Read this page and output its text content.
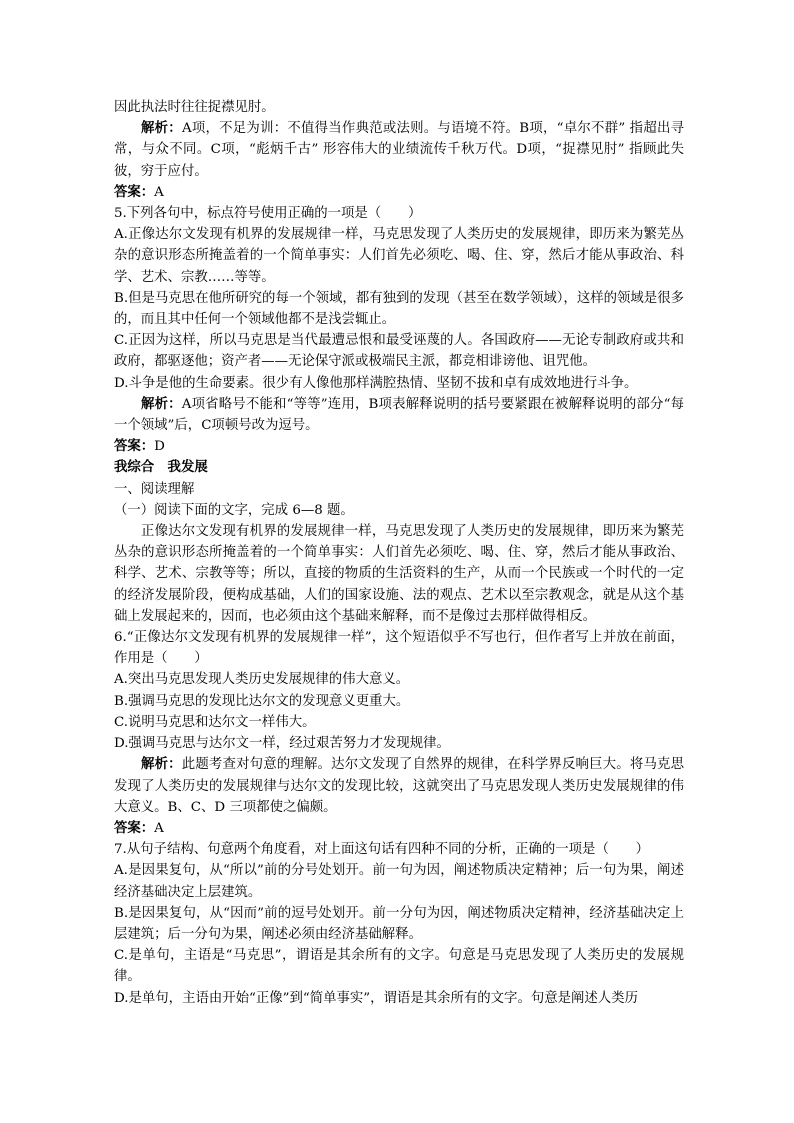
因此执法时往往捉襟见肘。

解析：A项，不足为训：不值得当作典范或法则。与语境不符。B项，“卓尔不群” 指超出寻常，与众不同。C项，“彪炳千古” 形容伟大的业绩流传千秋万代。D项，“捉襟见肘” 指顾此失彼，穷于应付。

答案：A

5.下列各句中，标点符号使用正确的一项是（　　）

A.正像达尔文发现有机界的发展规律一样，马克思发现了人类历史的发展规律，即历来为繁芜丛杂的意识形态所掩盖着的一个简单事实：人们首先必须吃、喝、住、穿，然后才能从事政治、科学、艺术、宗教……等等。

B.但是马克思在他所研究的每一个领域，都有独到的发现（甚至在数学领域），这样的领域是很多的，而且其中任何一个领域他都不是浅尝辄止。

C.正因为这样，所以马克思是当代最遭忌恨和最受诬蔑的人。各国政府——无论专制政府或共和政府，都驱逐他；资产者——无论保守派或极端民主派，都竞相诽谤他、诅咒他。

D.斗争是他的生命要素。很少有人像他那样满腔热情、坚韧不拔和卓有成效地进行斗争。

解析：A项省略号不能和“等等”连用，B项表解释说明的括号要紧跟在被解释说明的部分“每一个领域”后，C项顿号改为逗号。

答案：D

我综合　我发展

一、阅读理解

（一）阅读下面的文字，完成 6—8 题。

正像达尔文发现有机界的发展规律一样，马克思发现了人类历史的发展规律，即历来为繁芜丛杂的意识形态所掩盖着的一个简单事实：人们首先必须吃、喝、住、穿，然后才能从事政治、科学、艺术、宗教等等；所以，直接的物质的生活资料的生产，从而一个民族或一个时代的一定的经济发展阶段，便构成基础，人们的国家设施、法的观点、艺术以至宗教观念，就是从这个基础上发展起来的，因而，也必须由这个基础来解释，而不是像过去那样做得相反。

6.“正像达尔文发现有机界的发展规律一样”，这个短语似乎不写也行，但作者写上并放在前面，作用是（　　）

A.突出马克思发现人类历史发展规律的伟大意义。

B.强调马克思的发现比达尔文的发现意义更重大。

C.说明马克思和达尔文一样伟大。

D.强调马克思与达尔文一样，经过艰苦努力才发现规律。

解析：此题考查对句意的理解。达尔文发现了自然界的规律，在科学界反响巨大。将马克思发现了人类历史的发展规律与达尔文的发现比较，这就突出了马克思发现人类历史发展规律的伟大意义。B、C、D 三项都使之偏颇。

答案：A

7.从句子结构、句意两个角度看，对上面这句话有四种不同的分析，正确的一项是（　　）

A.是因果复句，从“所以”前的分号处划开。前一句为因，阐述物质决定精神；后一句为果，阐述经济基础决定上层建筑。

B.是因果复句，从“因而”前的逗号处划开。前一分句为因，阐述物质决定精神，经济基础决定上层建筑；后一分句为果，阐述必须由经济基础解释。

C.是单句，主语是“马克思”，谓语是其余所有的文字。句意是马克思发现了人类历史的发展规律。

D.是单句，主语由开始“正像”到“简单事实”，谓语是其余所有的文字。句意是阐述人类历
